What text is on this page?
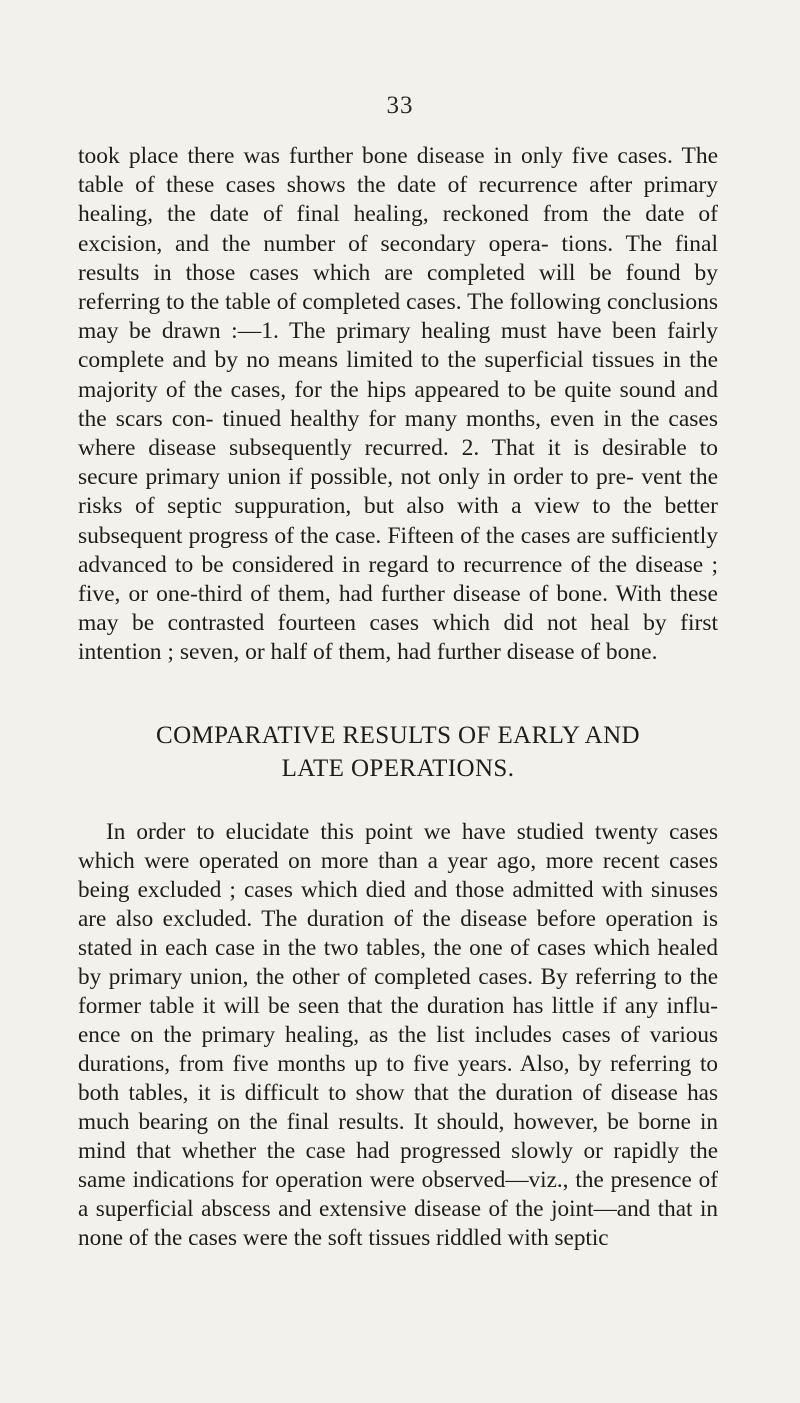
33

took place there was further bone disease in only five cases. The table of these cases shows the date of recurrence after primary healing, the date of final healing, reckoned from the date of excision, and the number of secondary opera- tions. The final results in those cases which are completed will be found by referring to the table of completed cases. The following conclusions may be drawn :—1. The primary healing must have been fairly complete and by no means limited to the superficial tissues in the majority of the cases, for the hips appeared to be quite sound and the scars con- tinued healthy for many months, even in the cases where disease subsequently recurred. 2. That it is desirable to secure primary union if possible, not only in order to pre- vent the risks of septic suppuration, but also with a view to the better subsequent progress of the case. Fifteen of the cases are sufficiently advanced to be considered in regard to recurrence of the disease ; five, or one-third of them, had further disease of bone. With these may be contrasted fourteen cases which did not heal by first intention ; seven, or half of them, had further disease of bone.

COMPARATIVE RESULTS OF EARLY AND
LATE OPERATIONS.

In order to elucidate this point we have studied twenty cases which were operated on more than a year ago, more recent cases being excluded ; cases which died and those admitted with sinuses are also excluded. The duration of the disease before operation is stated in each case in the two tables, the one of cases which healed by primary union, the other of completed cases. By referring to the former table it will be seen that the duration has little if any influ- ence on the primary healing, as the list includes cases of various durations, from five months up to five years. Also, by referring to both tables, it is difficult to show that the duration of disease has much bearing on the final results. It should, however, be borne in mind that whether the case had progressed slowly or rapidly the same indications for operation were observed—viz., the presence of a superficial abscess and extensive disease of the joint—and that in none of the cases were the soft tissues riddled with septic
